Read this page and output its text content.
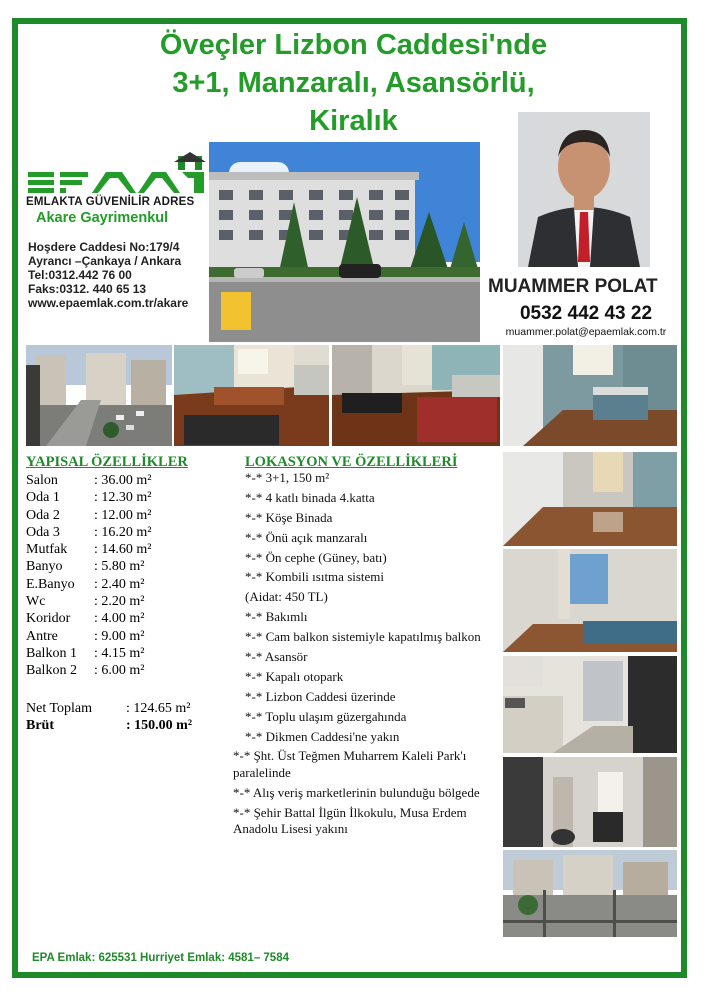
Öveçler Lizbon Caddesi'nde
3+1, Manzaralı, Asansörlü,
Kiralık
EMLAKTA GÜVENİLİR ADRES
Akare Gayrimenkul
Hoşdere Caddesi No:179/4
Ayrancı –Çankaya / Ankara
Tel:0312.442 76 00
Faks:0312. 440 65 13
www.epaemlak.com.tr/akare
MUAMMER POLAT
0532 442 43 22
muammer.polat@epaemlak.com.tr
YAPISAL ÖZELLİKLER
Salon	: 36.00 m²
Oda 1	: 12.30 m²
Oda 2	: 12.00 m²
Oda 3	: 16.20 m²
Mutfak	: 14.60 m²
Banyo	: 5.80 m²
E.Banyo	: 2.40 m²
Wc	: 2.20 m²
Koridor	: 4.00 m²
Antre	: 9.00 m²
Balkon 1	: 4.15 m²
Balkon 2	: 6.00 m²
Net Toplam	: 124.65 m²
Brüt	: 150.00 m²
LOKASYON VE ÖZELLİKLERİ
*-* 3+1, 150 m²
*-* 4 katlı binada 4.katta
*-* Köşe Binada
*-* Önü açık manzaralı
*-* Ön cephe (Güney, batı)
*-* Kombili ısıtma sistemi
(Aidat: 450 TL)
*-* Bakımlı
*-* Cam balkon sistemiyle kapatılmış balkon
*-* Asansör
*-* Kapalı otopark
*-* Lizbon Caddesi üzerinde
*-* Toplu ulaşım güzergahında
*-* Dikmen Caddesi'ne yakın
*-* Şht. Üst Teğmen Muharrem Kaleli Park'ı paralelinde
*-* Alış veriş marketlerinin bulunduğu bölgede
*-* Şehir Battal İlgün İlkokulu, Musa Erdem Anadolu Lisesi yakını
EPA Emlak: 625531 Hurriyet Emlak: 4581– 7584
